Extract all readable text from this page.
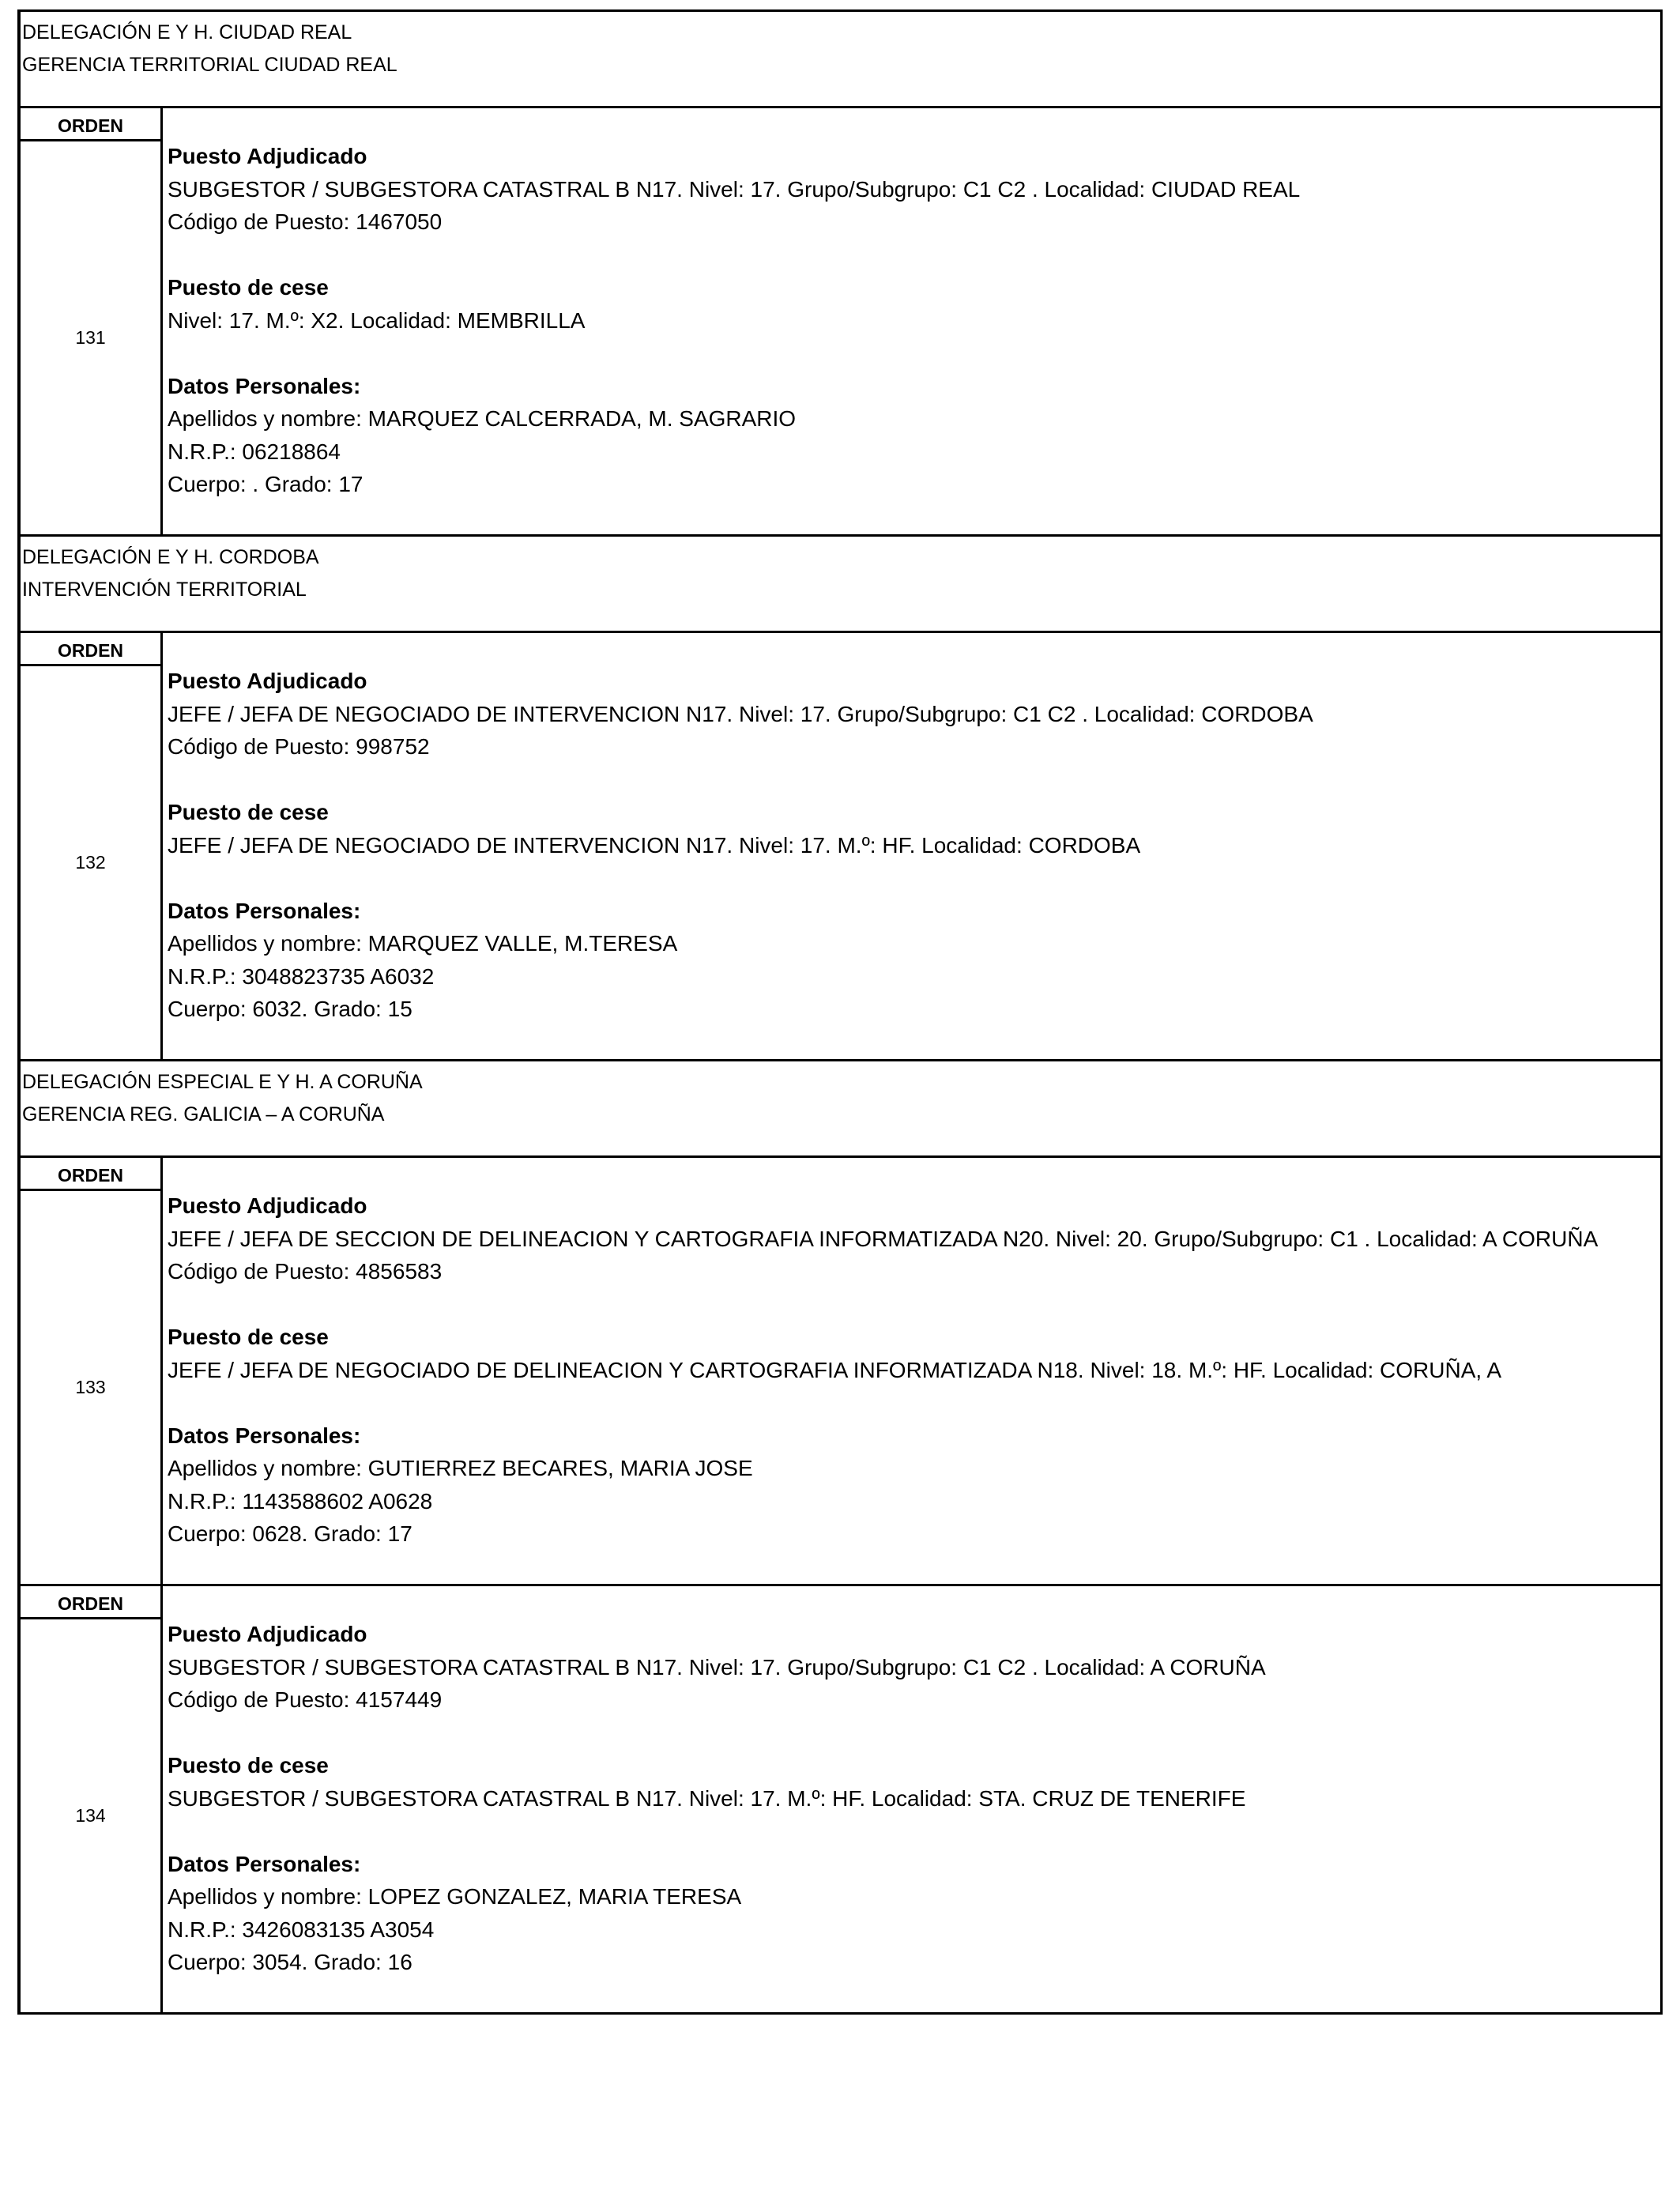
DELEGACIÓN E Y H. CIUDAD REAL
GERENCIA TERRITORIAL CIUDAD REAL
ORDEN
131
Puesto Adjudicado
SUBGESTOR / SUBGESTORA CATASTRAL B N17. Nivel: 17. Grupo/Subgrupo: C1 C2 . Localidad: CIUDAD REAL
Código de Puesto: 1467050
Puesto de cese
Nivel: 17. M.º: X2. Localidad: MEMBRILLA
Datos Personales:
Apellidos y nombre: MARQUEZ CALCERRADA, M. SAGRARIO
N.R.P.: 06218864
Cuerpo: . Grado: 17
DELEGACIÓN E Y H. CORDOBA
INTERVENCIÓN TERRITORIAL
ORDEN
132
Puesto Adjudicado
JEFE / JEFA DE NEGOCIADO DE INTERVENCION N17. Nivel: 17. Grupo/Subgrupo: C1 C2 . Localidad: CORDOBA
Código de Puesto: 998752
Puesto de cese
JEFE / JEFA DE NEGOCIADO DE INTERVENCION N17. Nivel: 17. M.º: HF. Localidad: CORDOBA
Datos Personales:
Apellidos y nombre: MARQUEZ VALLE, M.TERESA
N.R.P.: 3048823735 A6032
Cuerpo: 6032. Grado: 15
DELEGACIÓN ESPECIAL E Y H. A CORUÑA
GERENCIA REG. GALICIA – A CORUÑA
ORDEN
133
Puesto Adjudicado
JEFE / JEFA DE SECCION DE DELINEACION Y CARTOGRAFIA INFORMATIZADA N20. Nivel: 20. Grupo/Subgrupo: C1 . Localidad: A CORUÑA
Código de Puesto: 4856583
Puesto de cese
JEFE / JEFA DE NEGOCIADO DE DELINEACION Y CARTOGRAFIA INFORMATIZADA N18. Nivel: 18. M.º: HF. Localidad: CORUÑA, A
Datos Personales:
Apellidos y nombre: GUTIERREZ BECARES, MARIA JOSE
N.R.P.: 1143588602 A0628
Cuerpo: 0628. Grado: 17
ORDEN
134
Puesto Adjudicado
SUBGESTOR / SUBGESTORA CATASTRAL B N17. Nivel: 17. Grupo/Subgrupo: C1 C2 . Localidad: A CORUÑA
Código de Puesto: 4157449
Puesto de cese
SUBGESTOR / SUBGESTORA CATASTRAL B N17. Nivel: 17. M.º: HF. Localidad: STA. CRUZ DE TENERIFE
Datos Personales:
Apellidos y nombre: LOPEZ GONZALEZ, MARIA TERESA
N.R.P.: 3426083135 A3054
Cuerpo: 3054. Grado: 16
